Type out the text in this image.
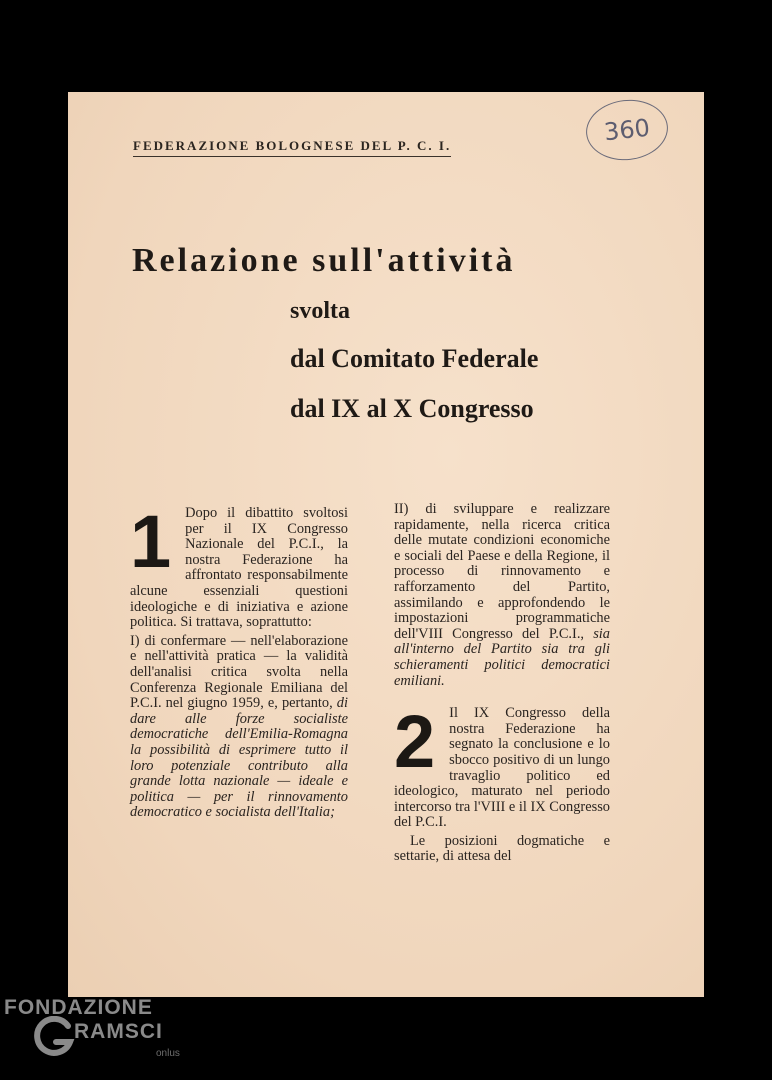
FEDERAZIONE BOLOGNESE DEL P. C. I.	360
Relazione sull'attività
svolta
dal Comitato Federale
dal IX al X Congresso
1 Dopo il dibattito svoltosi per il IX Congresso Nazionale del P.C.I., la nostra Federazione ha affrontato responsabilmente alcune essenziali questioni ideologiche e di iniziativa e azione politica. Si trattava, soprattutto:

I) di confermare — nell'elaborazione e nell'attività pratica — la validità dell'analisi critica svolta nella Conferenza Regionale Emiliana del P.C.I. nel giugno 1959, e, pertanto, di dare alle forze socialiste democratiche dell'Emilia-Romagna la possibilità di esprimere tutto il loro potenziale contributo alla grande lotta nazionale — ideale e politica — per il rinnovamento democratico e socialista dell'Italia;

II) di sviluppare e realizzare rapidamente, nella ricerca critica delle mutate condizioni economiche e sociali del Paese e della Regione, il processo di rinnovamento e rafforzamento del Partito, assimilando e approfondendo le impostazioni programmatiche dell'VIII Congresso del P.C.I., sia all'interno del Partito sia tra gli schieramenti politici democratici emiliani.

2 Il IX Congresso della nostra Federazione ha segnato la conclusione e lo sbocco positivo di un lungo travaglio politico ed ideologico, maturato nel periodo intercorso tra l'VIII e il IX Congresso del P.C.I.

Le posizioni dogmatiche e settarie, di attesa del

FONDAZIONE
RAMSCI
onlus
